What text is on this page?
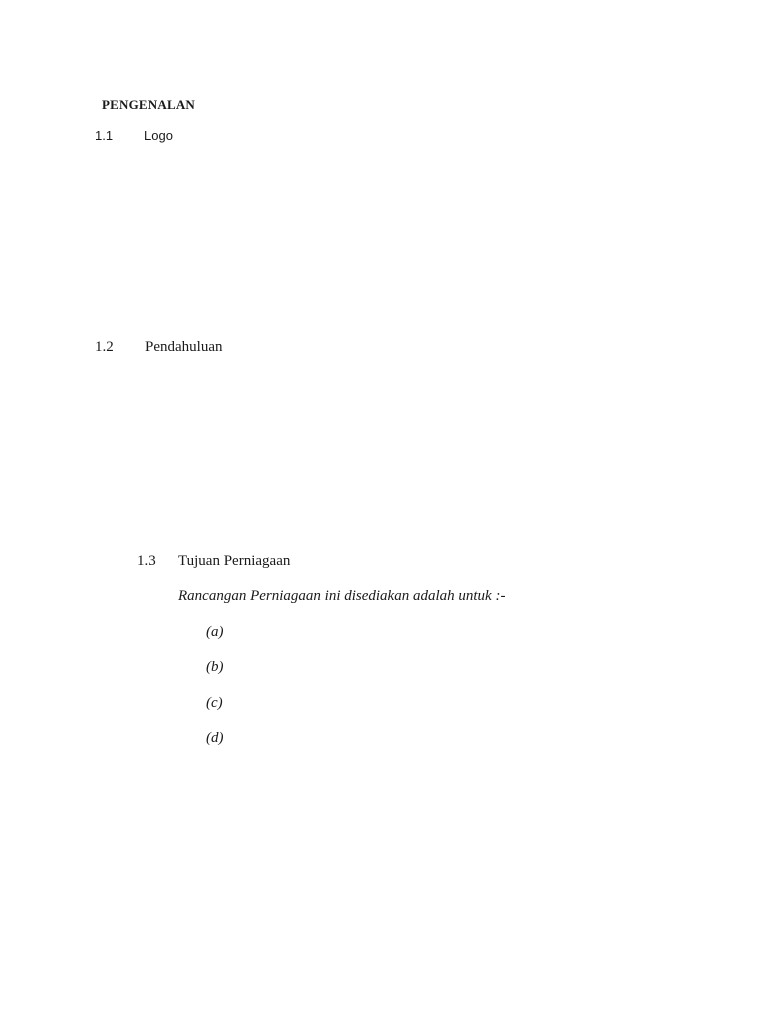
PENGENALAN
1.1 Logo
1.2 Pendahuluan
1.3 Tujuan Perniagaan
Rancangan Perniagaan ini disediakan adalah untuk :-
(a)
(b)
(c)
(d)
